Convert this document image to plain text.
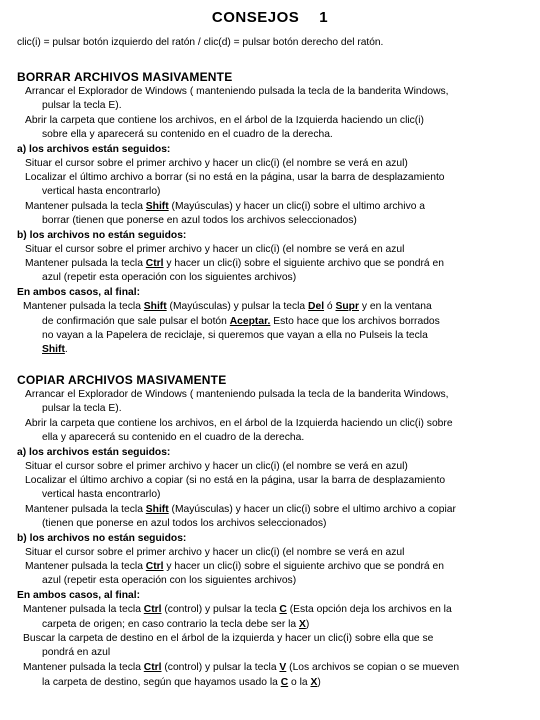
CONSEJOS 1
clic(i) = pulsar botón izquierdo del ratón / clic(d) = pulsar botón derecho del ratón.
BORRAR ARCHIVOS MASIVAMENTE
Arrancar el Explorador de Windows ( manteniendo pulsada la tecla de la banderita Windows,
pulsar la tecla E).
Abrir la carpeta que contiene los archivos, en el árbol de la Izquierda haciendo un clic(i)
sobre ella y aparecerá su contenido en el cuadro de la derecha.
a) los archivos están seguidos:
Situar el cursor sobre el primer archivo y hacer un clic(i) (el nombre se verá en azul)
Localizar el último archivo a borrar (si no está en la página, usar la barra de desplazamiento
vertical hasta encontrarlo)
Mantener pulsada la tecla Shift (Mayúsculas) y hacer un clic(i) sobre el ultimo archivo a
borrar (tienen que ponerse en azul todos los archivos seleccionados)
b) los archivos no están seguidos:
Situar el cursor sobre el primer archivo y hacer un clic(i) (el nombre se verá en azul
Mantener pulsada la tecla Ctrl y hacer un clic(i) sobre el siguiente archivo que se pondrá en
azul (repetir esta operación con los siguientes archivos)
En ambos casos, al final:
Mantener pulsada la tecla Shift (Mayúsculas) y pulsar la tecla Del ó Supr y en la ventana
de confirmación que sale pulsar el botón Aceptar. Esto hace que los archivos borrados
no vayan a la Papelera de reciclaje, si queremos que vayan a ella no Pulseis la tecla
Shift.
COPIAR ARCHIVOS MASIVAMENTE
Arrancar el Explorador de Windows ( manteniendo pulsada la tecla de la banderita Windows,
pulsar la tecla E).
Abrir la carpeta que contiene los archivos, en el árbol de la Izquierda haciendo un clic(i) sobre
ella y aparecerá su contenido en el cuadro de la derecha.
a) los archivos están seguidos:
Situar el cursor sobre el primer archivo y hacer un clic(i) (el nombre se verá en azul)
Localizar el último archivo a copiar (si no está en la página, usar la barra de desplazamiento
vertical hasta encontrarlo)
Mantener pulsada la tecla Shift (Mayúsculas) y hacer un clic(i) sobre el ultimo archivo a copiar
(tienen que ponerse en azul todos los archivos seleccionados)
b) los archivos no están seguidos:
Situar el cursor sobre el primer archivo y hacer un clic(i) (el nombre se verá en azul
Mantener pulsada la tecla Ctrl y hacer un clic(i) sobre el siguiente archivo que se pondrá en
azul (repetir esta operación con los siguientes archivos)
En ambos casos, al final:
Mantener pulsada la tecla Ctrl (control) y pulsar la tecla C (Esta opción deja los archivos en la
carpeta de origen; en caso contrario la tecla debe ser la X)
Buscar la carpeta de destino en el árbol de la izquierda y hacer un clic(i) sobre ella que se
pondrá en azul
Mantener pulsada la tecla Ctrl (control) y pulsar la tecla V (Los archivos se copian o se mueven
la carpeta de destino, según que hayamos usado la C o la X)
